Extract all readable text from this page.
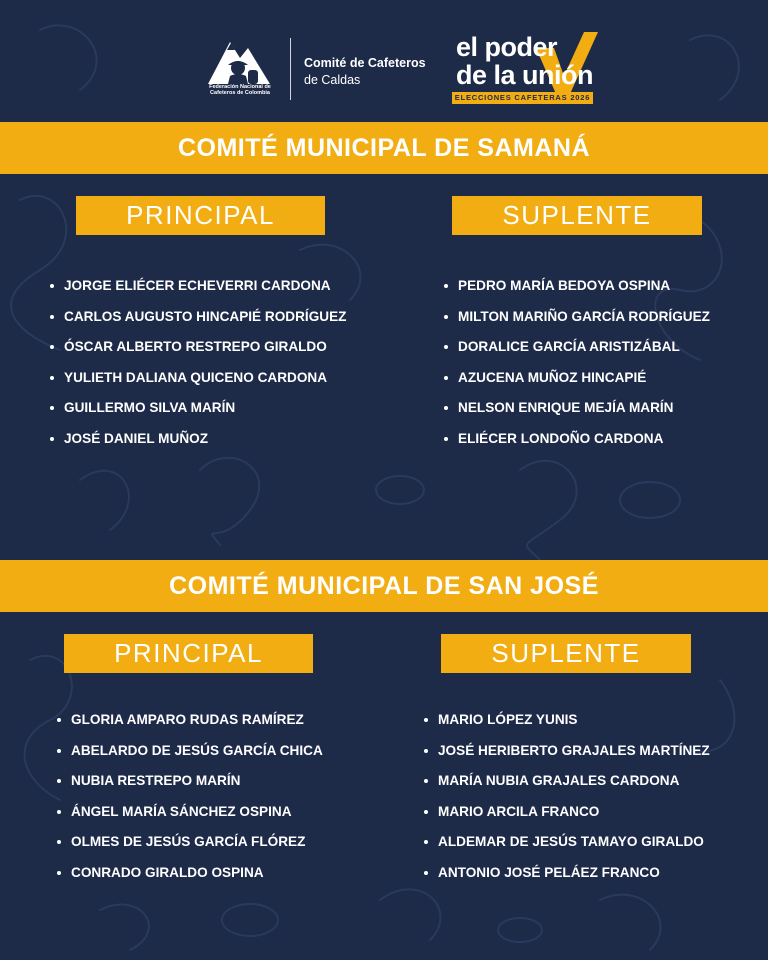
Federación Nacional de
Cafeteros de Colombia
Comité de Cafeteros
de Caldas
el poder
de la unión
ELECCIONES CAFETERAS 2026
COMITÉ MUNICIPAL DE SAMANÁ
PRINCIPAL	SUPLENTE
JORGE ELIÉCER ECHEVERRI CARDONA
CARLOS AUGUSTO HINCAPIÉ RODRÍGUEZ
ÓSCAR ALBERTO RESTREPO GIRALDO
YULIETH DALIANA QUICENO CARDONA
GUILLERMO SILVA MARÍN
JOSÉ DANIEL MUÑOZ
PEDRO MARÍA BEDOYA OSPINA
MILTON MARIÑO GARCÍA RODRÍGUEZ
DORALICE GARCÍA ARISTIZÁBAL
AZUCENA MUÑOZ HINCAPIÉ
NELSON ENRIQUE MEJÍA MARÍN
ELIÉCER LONDOÑO CARDONA
COMITÉ MUNICIPAL DE SAN JOSÉ
PRINCIPAL	SUPLENTE
GLORIA AMPARO RUDAS RAMÍREZ
ABELARDO DE JESÚS GARCÍA CHICA
NUBIA RESTREPO MARÍN
ÁNGEL MARÍA SÁNCHEZ OSPINA
OLMES DE JESÚS GARCÍA FLÓREZ
CONRADO GIRALDO OSPINA
MARIO LÓPEZ YUNIS
JOSÉ HERIBERTO GRAJALES MARTÍNEZ
MARÍA NUBIA GRAJALES CARDONA
MARIO ARCILA FRANCO
ALDEMAR DE JESÚS TAMAYO GIRALDO
ANTONIO JOSÉ PELÁEZ FRANCO
